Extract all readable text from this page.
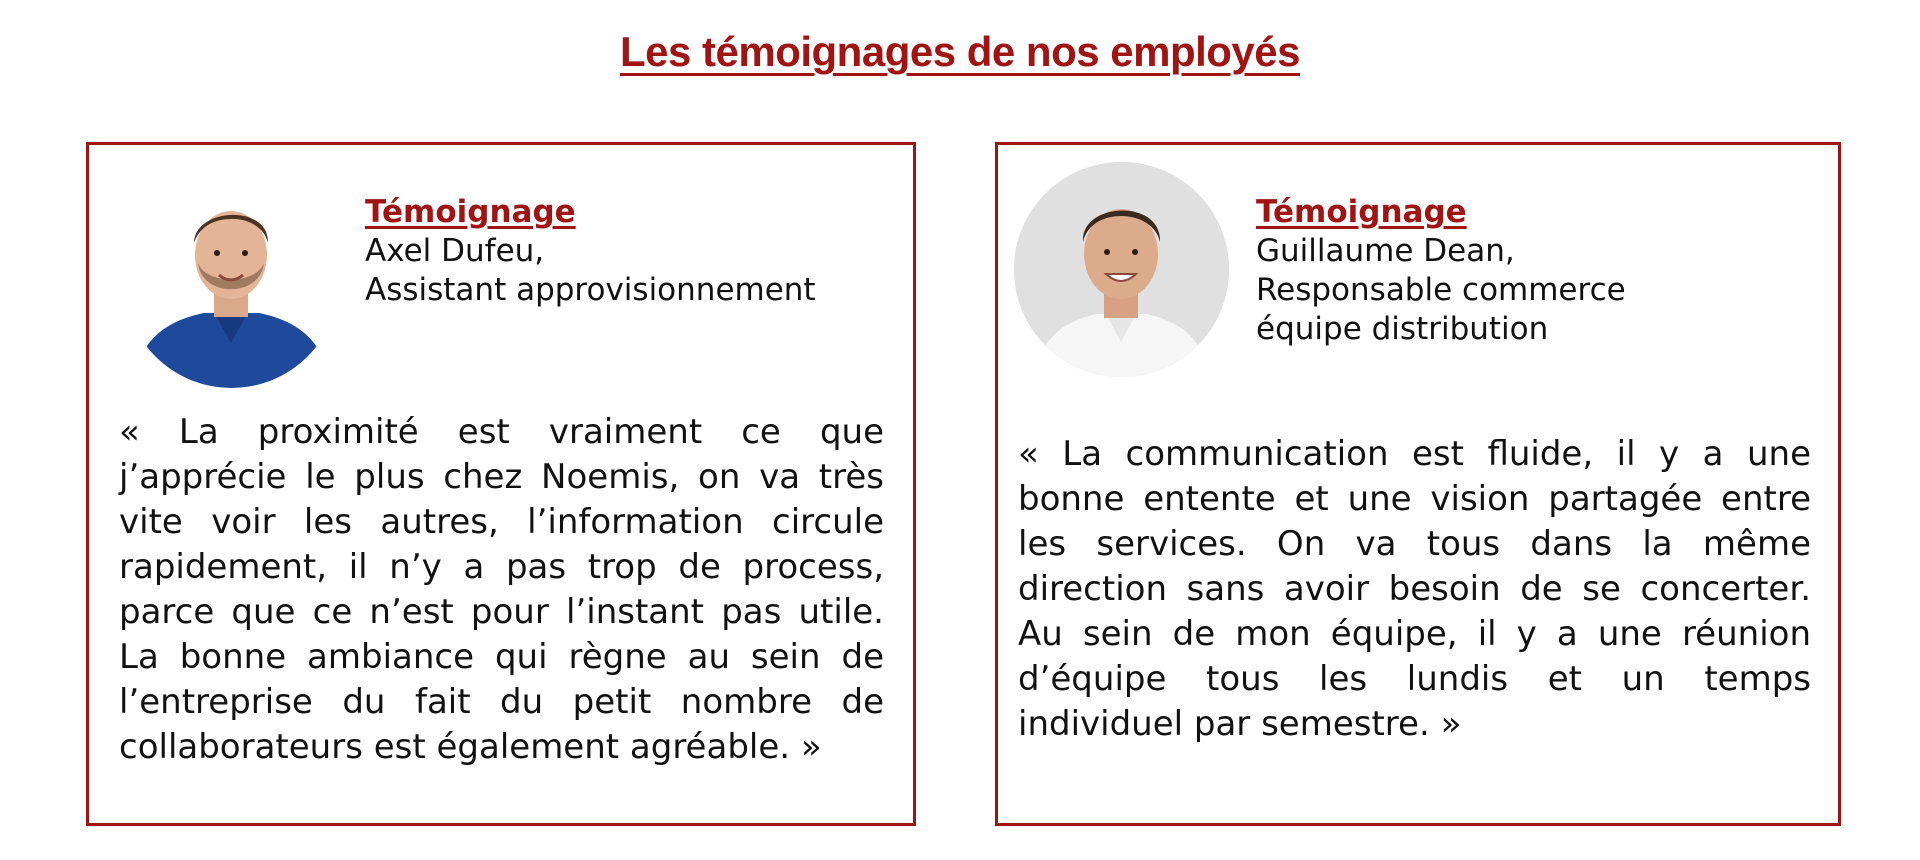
Les témoignages de nos employés
Témoignage
Axel Dufeu,
Assistant approvisionnement
« La proximité est vraiment ce que j’apprécie le plus chez Noemis, on va très vite voir les autres, l’information circule rapidement, il n’y a pas trop de process, parce que ce n’est pour l’instant pas utile. La bonne ambiance qui règne au sein de l’entreprise du fait du petit nombre de collaborateurs est également agréable. »
Témoignage
Guillaume Dean,
Responsable commerce
équipe distribution
« La communication est fluide, il y a une bonne entente et une vision partagée entre les services. On va tous dans la même direction sans avoir besoin de se concerter. Au sein de mon équipe, il y a une réunion d’équipe tous les lundis et un temps individuel par semestre. »
